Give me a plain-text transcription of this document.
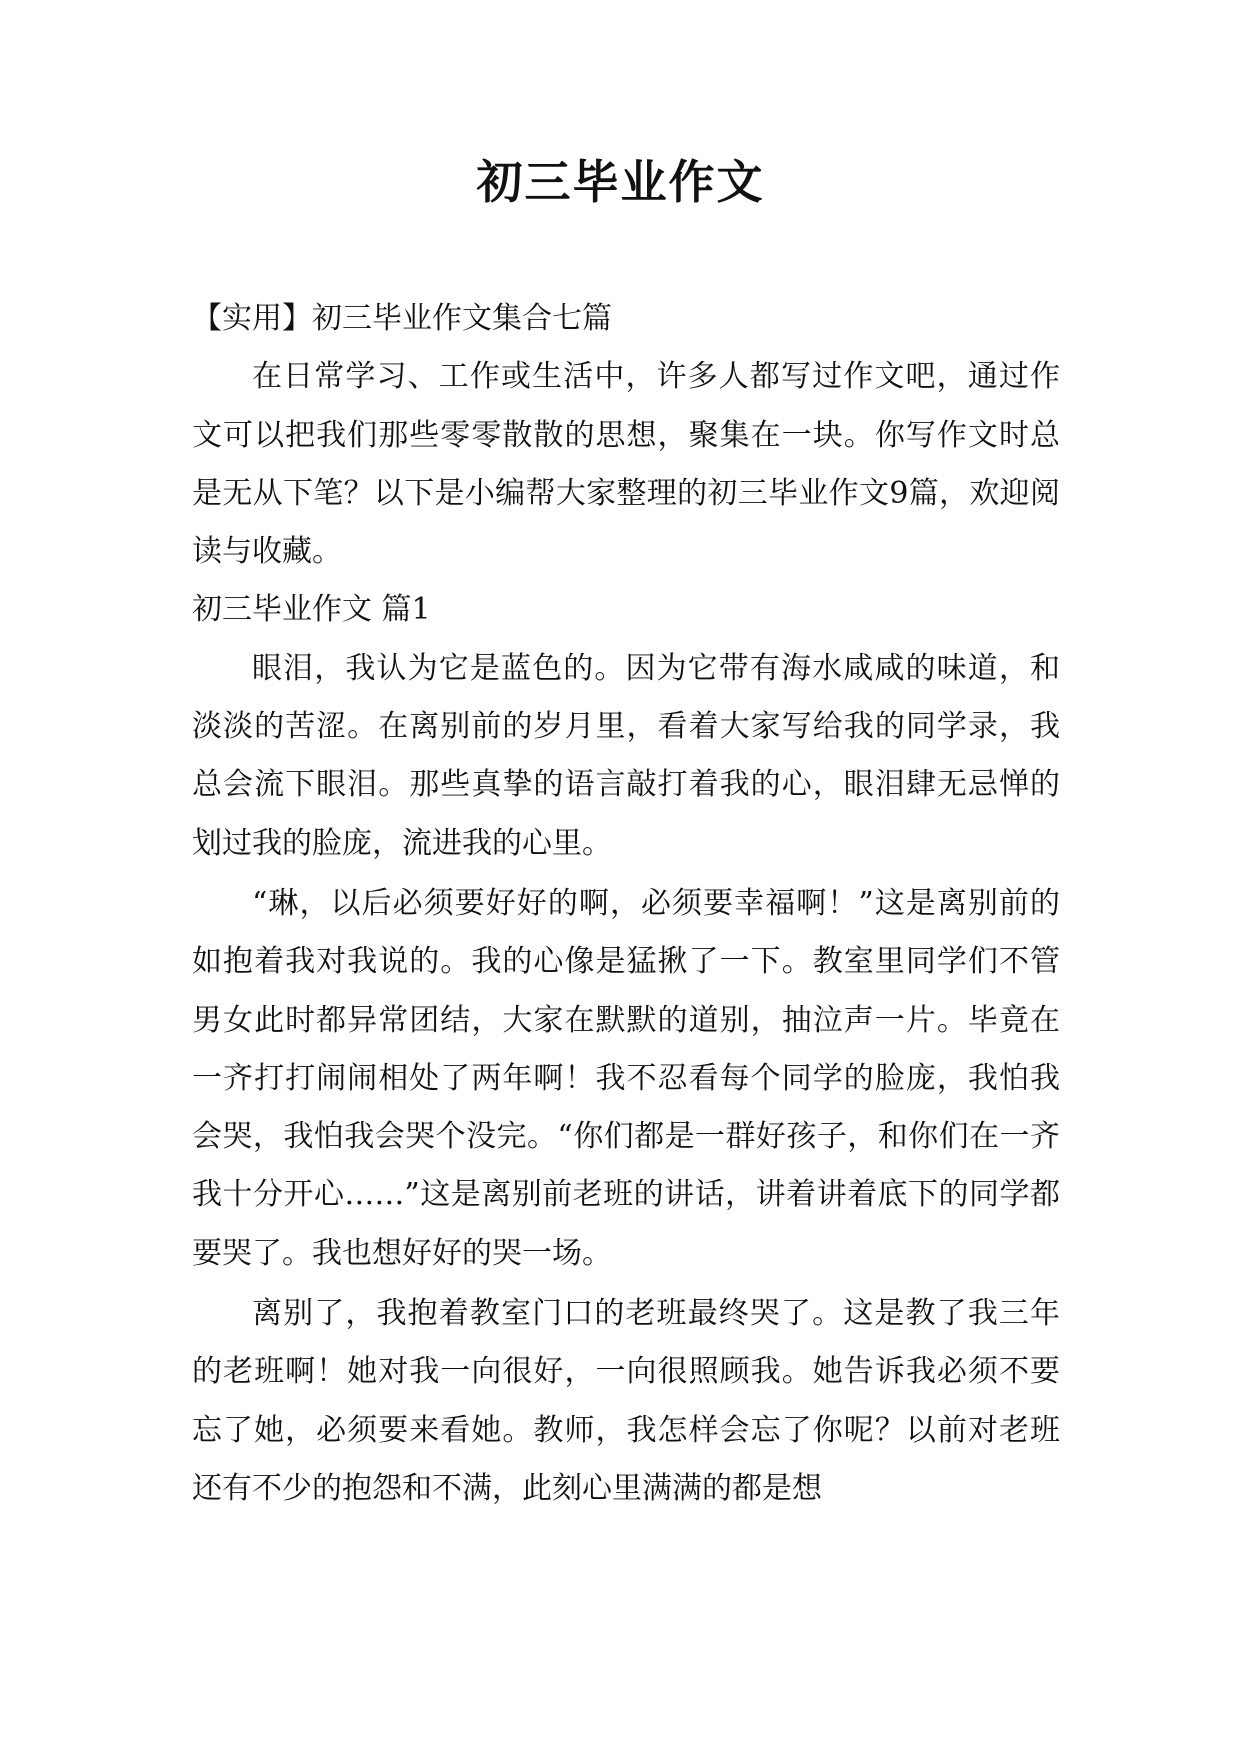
初三毕业作文

【实用】初三毕业作文集合七篇

在日常学习、工作或生活中，许多人都写过作文吧，通过作文可以把我们那些零零散散的思想，聚集在一块。你写作文时总是无从下笔？以下是小编帮大家整理的初三毕业作文9篇，欢迎阅读与收藏。

初三毕业作文 篇1

眼泪，我认为它是蓝色的。因为它带有海水咸咸的味道，和淡淡的苦涩。在离别前的岁月里，看着大家写给我的同学录，我总会流下眼泪。那些真挚的语言敲打着我的心，眼泪肆无忌惮的划过我的脸庞，流进我的心里。

“琳，以后必须要好好的啊，必须要幸福啊！”这是离别前的如抱着我对我说的。我的心像是猛揪了一下。教室里同学们不管男女此时都异常团结，大家在默默的道别，抽泣声一片。毕竟在一齐打打闹闹相处了两年啊！我不忍看每个同学的脸庞，我怕我会哭，我怕我会哭个没完。“你们都是一群好孩子，和你们在一齐我十分开心……”这是离别前老班的讲话，讲着讲着底下的同学都要哭了。我也想好好的哭一场。

离别了，我抱着教室门口的老班最终哭了。这是教了我三年的老班啊！她对我一向很好，一向很照顾我。她告诉我必须不要忘了她，必须要来看她。教师，我怎样会忘了你呢？以前对老班还有不少的抱怨和不满，此刻心里满满的都是想
